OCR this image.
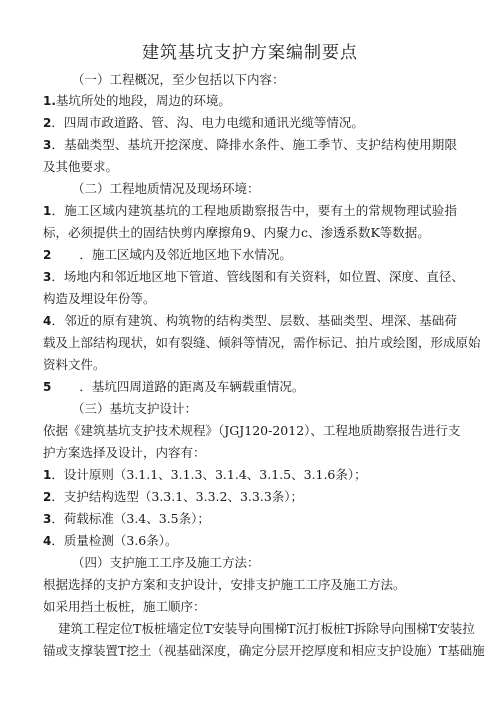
建筑基坑支护方案编制要点
（一）工程概况，至少包括以下内容：
1.基坑所处的地段，周边的环境。
2．四周市政道路、管、沟、电力电缆和通讯光缆等情况。
3．基础类型、基坑开挖深度、降排水条件、施工季节、支护结构使用期限
及其他要求。
（二）工程地质情况及现场环境：
1．施工区域内建筑基坑的工程地质勘察报告中，要有土的常规物理试验指
标，必须提供土的固结快剪内摩擦角9、内聚力c、渗透系数K等数据。
2 ．施工区域内及邻近地区地下水情况。
3．场地内和邻近地区地下管道、管线图和有关资料，如位置、深度、直径、
构造及埋设年份等。
4．邻近的原有建筑、构筑物的结构类型、层数、基础类型、埋深、基础荷
载及上部结构现状，如有裂缝、倾斜等情况，需作标记、拍片或绘图，形成原始
资料文件。
5 ．基坑四周道路的距离及车辆载重情况。
（三）基坑支护设计：
依据《建筑基坑支护技术规程》（JGJ120-2012）、工程地质勘察报告进行支
护方案选择及设计，内容有：
1．设计原则（3.1.1、3.1.3、3.1.4、3.1.5、3.1.6条）；
2．支护结构选型（3.3.1、3.3.2、3.3.3条）；
3．荷载标准（3.4、3.5条）；
4．质量检测（3.6条）。
（四）支护施工工序及施工方法：
根据选择的支护方案和支护设计，安排支护施工工序及施工方法。
如采用挡土板桩，施工顺序：
建筑工程定位T板桩墙定位T安装导向围梯T沉打板桩T拆除导向围梯T安装拉
锚或支撑装置T挖土（视基础深度，确定分层开挖厚度和相应支护设施）T基础施
